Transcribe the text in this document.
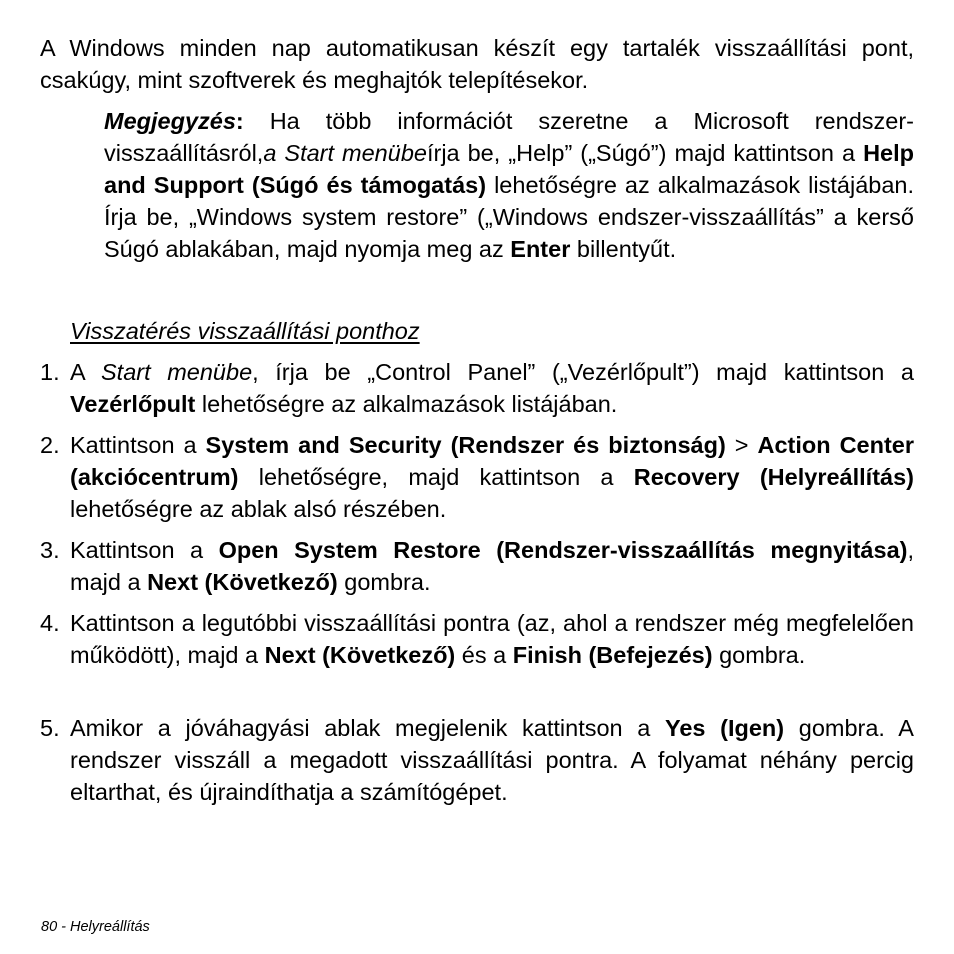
A Windows minden nap automatikusan készít egy tartalék visszaállítási pont, csakúgy, mint szoftverek és meghajtók telepítésekor.

Megjegyzés: Ha több információt szeretne a Microsoft rendszer-visszaállításról,a Start menübeírja be, „Help” („Súgó”) majd kattintson a Help and Support (Súgó és támogatás) lehetőségre az alkalmazások listájában. Írja be, „Windows system restore” („Windows endszer-visszaállítás” a kerső Súgó ablakában, majd nyomja meg az Enter billentyűt.

Visszatérés visszaállítási ponthoz

1. A Start menübe, írja be „Control Panel” („Vezérlőpult”) majd kattintson a Vezérlőpult lehetőségre az alkalmazások listájában.
2. Kattintson a System and Security (Rendszer és biztonság) > Action Center (akciócentrum) lehetőségre, majd kattintson a Recovery (Helyreállítás) lehetőségre az ablak alsó részében.
3. Kattintson a Open System Restore (Rendszer-visszaállítás megnyitása), majd a Next (Következő) gombra.
4. Kattintson a legutóbbi visszaállítási pontra (az, ahol a rendszer még megfelelően működött), majd a Next (Következő) és a Finish (Befejezés) gombra.
5. Amikor a jóváhagyási ablak megjelenik kattintson a Yes (Igen) gombra. A rendszer visszáll a megadott visszaállítási pontra. A folyamat néhány percig eltarthat, és újraindíthatja a számítógépet.

80 - Helyreállítás
